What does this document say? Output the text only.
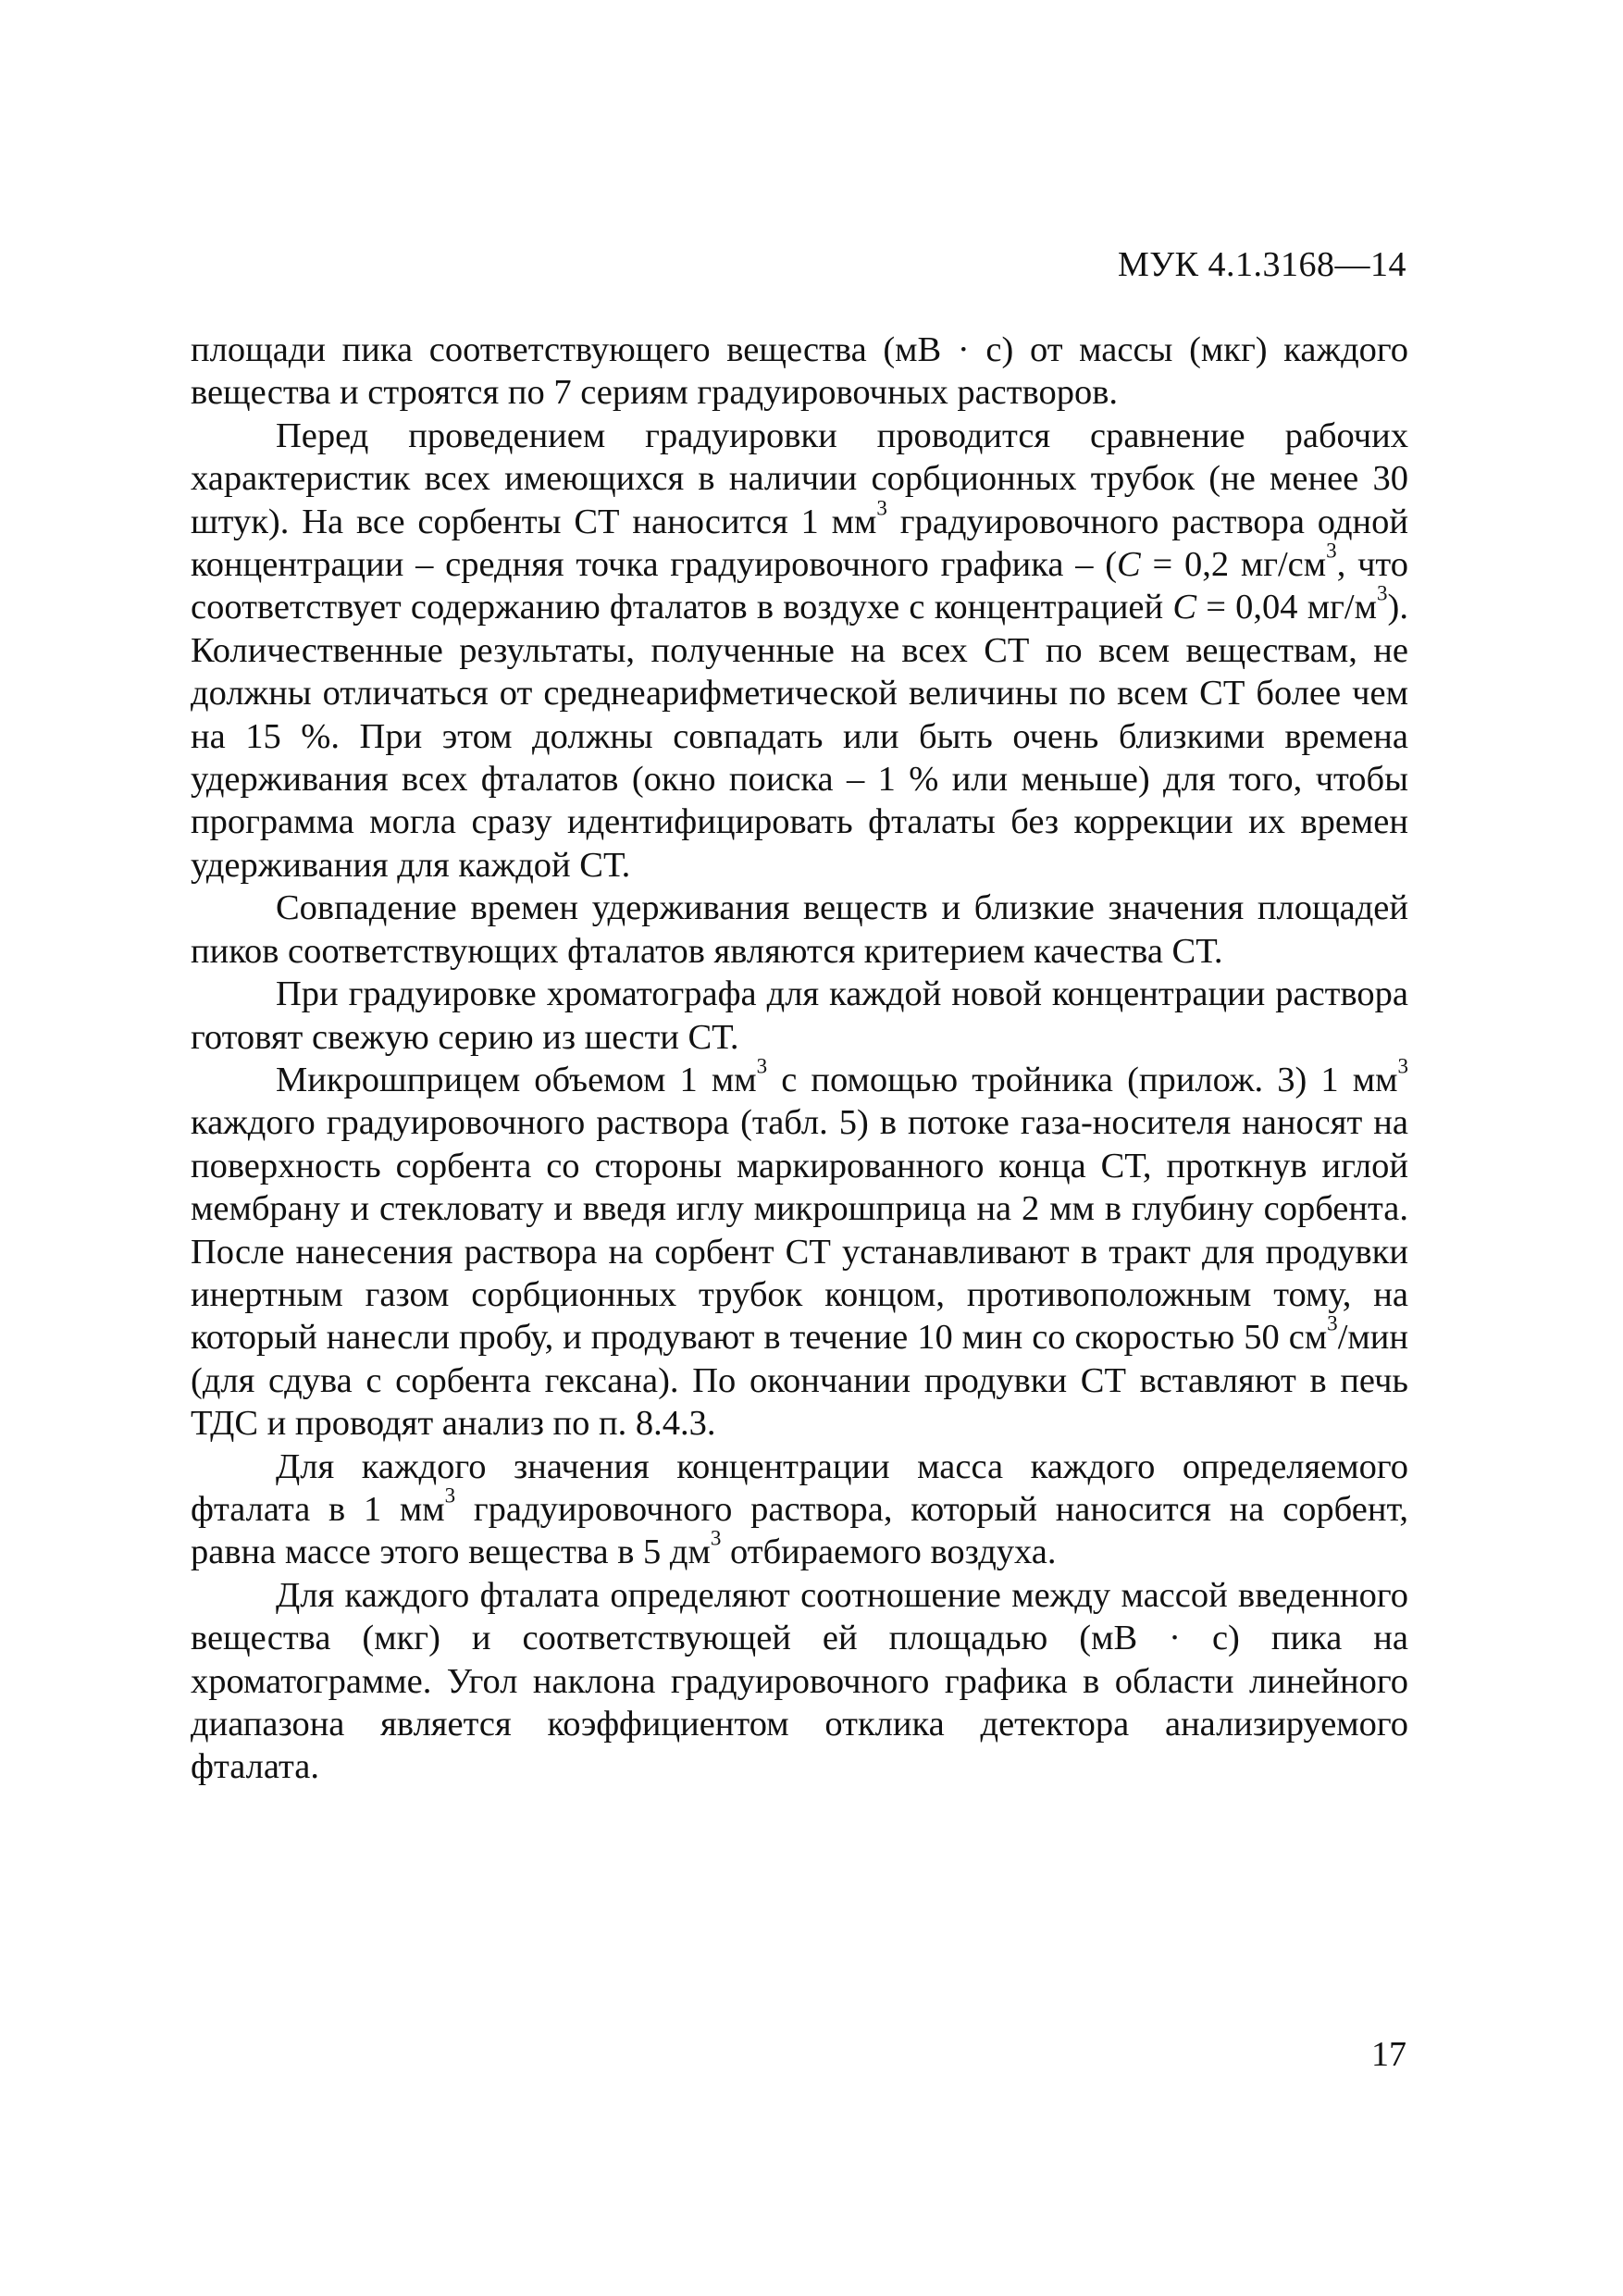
МУК 4.1.3168—14

площади пика соответствующего вещества (мВ · с) от массы (мкг) каждого вещества и строятся по 7 сериям градуировочных растворов.

Перед проведением градуировки проводится сравнение рабочих характеристик всех имеющихся в наличии сорбционных трубок (не менее 30 штук). На все сорбенты СТ наносится 1 $мм^3$ градуировочного раствора одной концентрации – средняя точка градуировочного графика – (C = 0,2 $мг/см^3$, что соответствует содержанию фталатов в воздухе с концентрацией C = 0,04 $мг/м^3$). Количественные результаты, полученные на всех СТ по всем веществам, не должны отличаться от среднеарифметической величины по всем СТ более чем на 15 %. При этом должны совпадать или быть очень близкими времена удерживания всех фталатов (окно поиска – 1 % или меньше) для того, чтобы программа могла сразу идентифицировать фталаты без коррекции их времен удерживания для каждой СТ.

Совпадение времен удерживания веществ и близкие значения площадей пиков соответствующих фталатов являются критерием качества СТ.

При градуировке хроматографа для каждой новой концентрации раствора готовят свежую серию из шести СТ.

Микрошприцем объемом 1 $мм^3$ с помощью тройника (прилож. 3) 1 $мм^3$ каждого градуировочного раствора (табл. 5) в потоке газа-носителя наносят на поверхность сорбента со стороны маркированного конца СТ, проткнув иглой мембрану и стекловату и введя иглу микрошприца на 2 мм в глубину сорбента. После нанесения раствора на сорбент СТ устанавливают в тракт для продувки инертным газом сорбционных трубок концом, противоположным тому, на который нанесли пробу, и продувают в течение 10 мин со скоростью 50 $см^3$/мин (для сдува с сорбента гексана). По окончании продувки СТ вставляют в печь ТДС и проводят анализ по п. 8.4.3.

Для каждого значения концентрации масса каждого определяемого фталата в 1 $мм^3$ градуировочного раствора, который наносится на сорбент, равна массе этого вещества в 5 $дм^3$ отбираемого воздуха.

Для каждого фталата определяют соотношение между массой введенного вещества (мкг) и соответствующей ей площадью (мВ · с) пика на хроматограмме. Угол наклона градуировочного графика в области линейного диапазона является коэффициентом отклика детектора анализируемого фталата.

17
